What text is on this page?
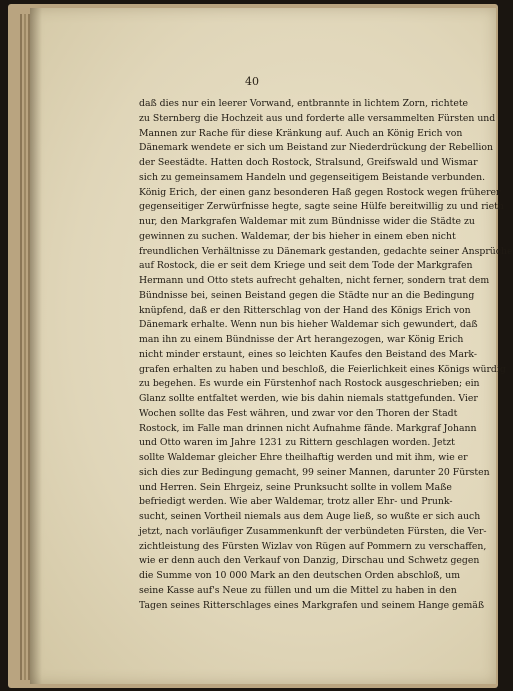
40

daß dies nur ein leerer Vorwand, entbrannte in lichtem Zorn, richtete
zu Sternberg die Hochzeit aus und forderte alle versammelten Fürsten und
Mannen zur Rache für diese Kränkung auf. Auch an König Erich von
Dänemark wendete er sich um Beistand zur Niederdrückung der Rebellion
der Seestädte. Hatten doch Rostock, Stralsund, Greifswald und Wismar
sich zu gemeinsamem Handeln und gegenseitigem Beistande verbunden.
König Erich, der einen ganz besonderen Haß gegen Rostock wegen früherer
gegenseitiger Zerwürfnisse hegte, sagte seine Hülfe bereitwillig zu und rieth
nur, den Markgrafen Waldemar mit zum Bündnisse wider die Städte zu
gewinnen zu suchen. Waldemar, der bis hieher in einem eben nicht
freundlichen Verhältnisse zu Dänemark gestanden, gedachte seiner Ansprüche
auf Rostock, die er seit dem Kriege und seit dem Tode der Markgrafen
Hermann und Otto stets aufrecht gehalten, nicht ferner, sondern trat dem
Bündnisse bei, seinen Beistand gegen die Städte nur an die Bedingung
knüpfend, daß er den Ritterschlag von der Hand des Königs Erich von
Dänemark erhalte. Wenn nun bis hieher Waldemar sich gewundert, daß
man ihn zu einem Bündnisse der Art herangezogen, war König Erich
nicht minder erstaunt, eines so leichten Kaufes den Beistand des Mark-
grafen erhalten zu haben und beschloß, die Feierlichkeit eines Königs würdig
zu begehen. Es wurde ein Fürstenhof nach Rostock ausgeschrieben; ein
Glanz sollte entfaltet werden, wie bis dahin niemals stattgefunden. Vier
Wochen sollte das Fest währen, und zwar vor den Thoren der Stadt
Rostock, im Falle man drinnen nicht Aufnahme fände. Markgraf Johann
und Otto waren im Jahre 1231 zu Rittern geschlagen worden. Jetzt
sollte Waldemar gleicher Ehre theilhaftig werden und mit ihm, wie er
sich dies zur Bedingung gemacht, 99 seiner Mannen, darunter 20 Fürsten
und Herren. Sein Ehrgeiz, seine Prunksucht sollte in vollem Maße
befriedigt werden. Wie aber Waldemar, trotz aller Ehr- und Prunk-
sucht, seinen Vortheil niemals aus dem Auge ließ, so wußte er sich auch
jetzt, nach vorläufiger Zusammenkunft der verbündeten Fürsten, die Ver-
zichtleistung des Fürsten Wizlav von Rügen auf Pommern zu verschaffen,
wie er denn auch den Verkauf von Danzig, Dirschau und Schwetz gegen
die Summe von 10 000 Mark an den deutschen Orden abschloß, um
seine Kasse auf's Neue zu füllen und um die Mittel zu haben in den
Tagen seines Ritterschlages eines Markgrafen und seinem Hange gemäß
